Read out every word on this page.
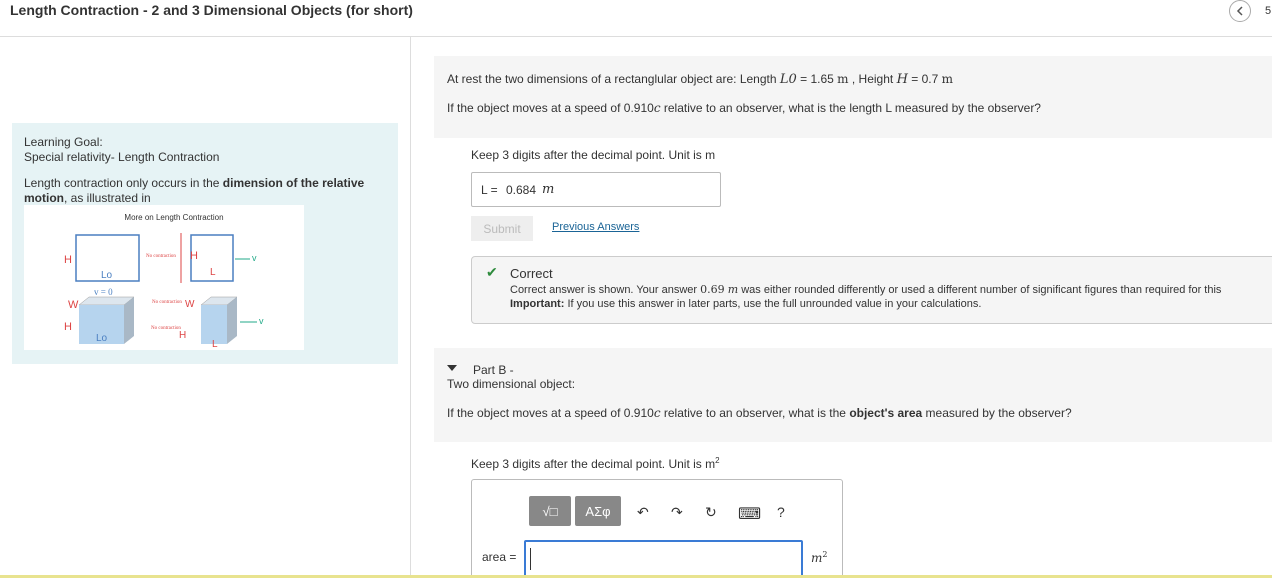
Length Contraction - 2 and 3 Dimensional Objects (for short)	5
Learning Goal:
Special relativity- Length Contraction
Length contraction only occurs in the dimension of the relative motion, as illustrated in
More on Length Contraction
H
Lo
H
L
No contraction	v
v = 0
W
H
Lo
W
H
L
No contraction
No contraction
v
At rest the two dimensions of a rectanglular object are: Length L0 = 1.65 m , Height H = 0.7 m
If the object moves at a speed of 0.910c relative to an observer, what is the length L measured by the observer?
Keep 3 digits after the decimal point. Unit is m
L = 0.684 m
Submit	Previous Answers
✔ Correct
Correct answer is shown. Your answer 0.69 m was either rounded differently or used a different number of significant figures than required for this
Important: If you use this answer in later parts, use the full unrounded value in your calculations.
Part B -
Two dimensional object:
If the object moves at a speed of 0.910c relative to an observer, what is the object's area measured by the observer?
Keep 3 digits after the decimal point. Unit is $m^2$
√□ ΑΣφ ↶ ↷ ↻ ⌨ ?
area =	$m^2$
